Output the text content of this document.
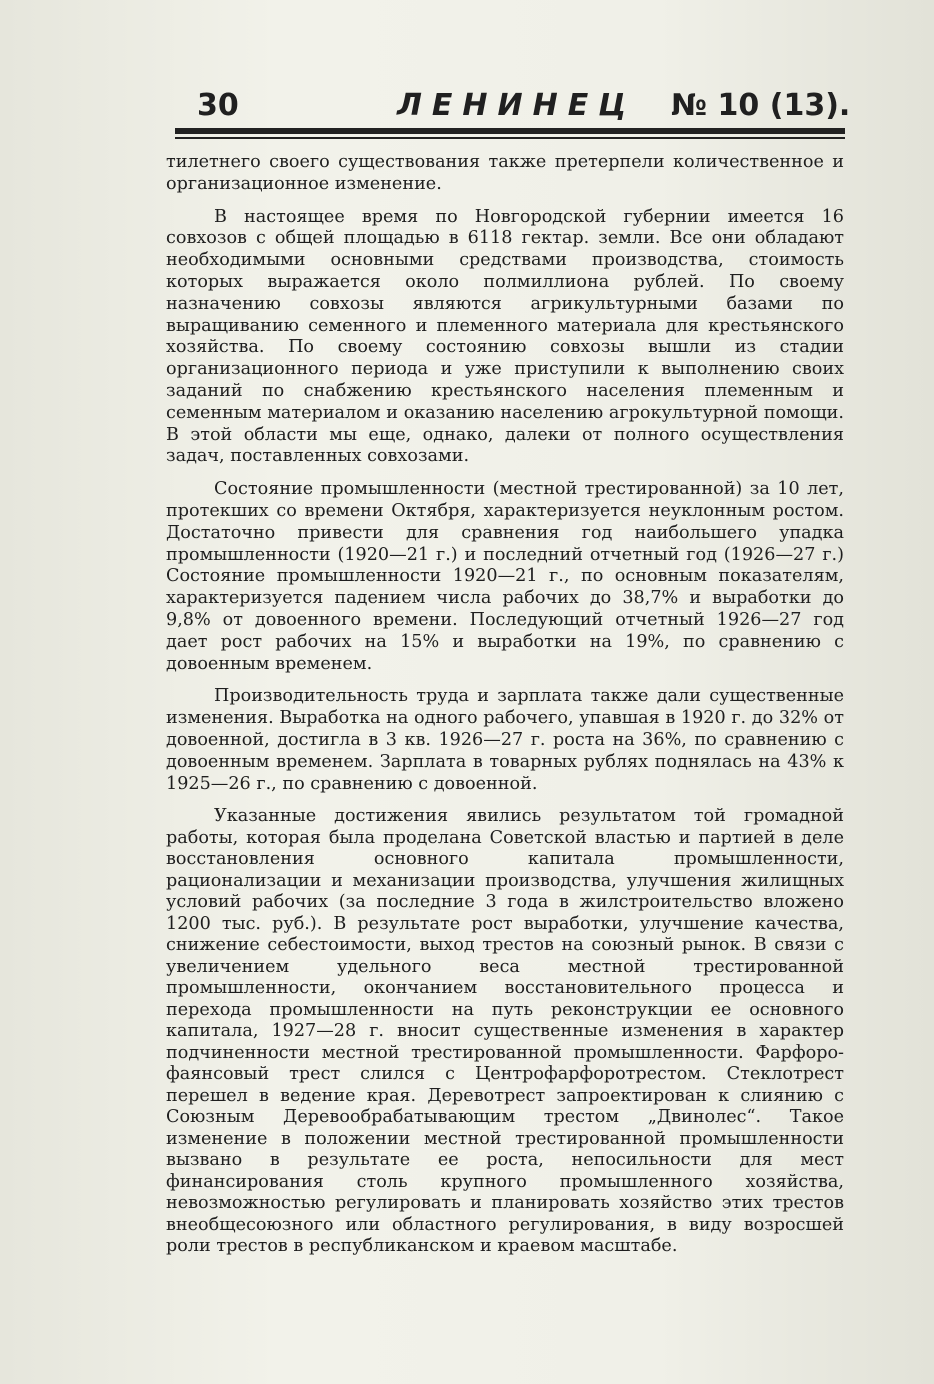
30	ЛЕНИНЕЦ № 10 (13).

тилетнего своего существования также претерпели количественное и организационное изменение.

В настоящее время по Новгородской губернии имеется 16 совхозов с общей площадью в 6118 гектар. земли. Все они обладают необходимыми основными средствами производства, стоимость которых выражается около полмиллиона рублей. По своему назначению совхозы являются агрикультурными базами по выращиванию семенного и племенного материала для крестьянского хозяйства. По своему состоянию совхозы вышли из стадии организационного периода и уже приступили к выполнению своих заданий по снабжению крестьянского населения племенным и семенным материалом и оказанию населению агрокультурной помощи. В этой области мы еще, однако, далеки от полного осуществления задач, поставленных совхозами.

Состояние промышленности (местной трестированной) за 10 лет, протекших со времени Октября, характеризуется неуклонным ростом. Достаточно привести для сравнения год наибольшего упадка промышленности (1920—21 г.) и последний отчетный год (1926—27 г.) Состояние промышленности 1920—21 г., по основным показателям, характеризуется падением числа рабочих до 38,7% и выработки до 9,8% от довоенного времени. Последующий отчетный 1926—27 год дает рост рабочих на 15% и выработки на 19%, по сравнению с довоенным временем.

Производительность труда и зарплата также дали существенные изменения. Выработка на одного рабочего, упавшая в 1920 г. до 32% от довоенной, достигла в 3 кв. 1926—27 г. роста на 36%, по сравнению с довоенным временем. Зарплата в товарных рублях поднялась на 43% к 1925—26 г., по сравнению с довоенной.

Указанные достижения явились результатом той громадной работы, которая была проделана Советской властью и партией в деле восстановления основного капитала промышленности, рационализации и механизации производства, улучшения жилищных условий рабочих (за последние 3 года в жилстроительство вложено 1200 тыс. руб.). В результате рост выработки, улучшение качества, снижение себестоимости, выход трестов на союзный рынок. В связи с увеличением удельного веса местной трестированной промышленности, окончанием восстановительного процесса и перехода промышленности на путь реконструкции ее основного капитала, 1927—28 г. вносит существенные изменения в характер подчиненности местной трестированной промышленности. Фарфоро-фаянсовый трест слился с Центрофарфоротрестом. Стеклотрест перешел в ведение края. Деревотрест запроектирован к слиянию с Союзным Деревообрабатывающим трестом „Двинолес“. Такое изменение в положении местной трестированной промышленности вызвано в результате ее роста, непосильности для мест финансирования столь крупного промышленного хозяйства, невозможностью регулировать и планировать хозяйство этих трестов внеобщесоюзного или областного регулирования, в виду возросшей роли трестов в республиканском и краевом масштабе.
